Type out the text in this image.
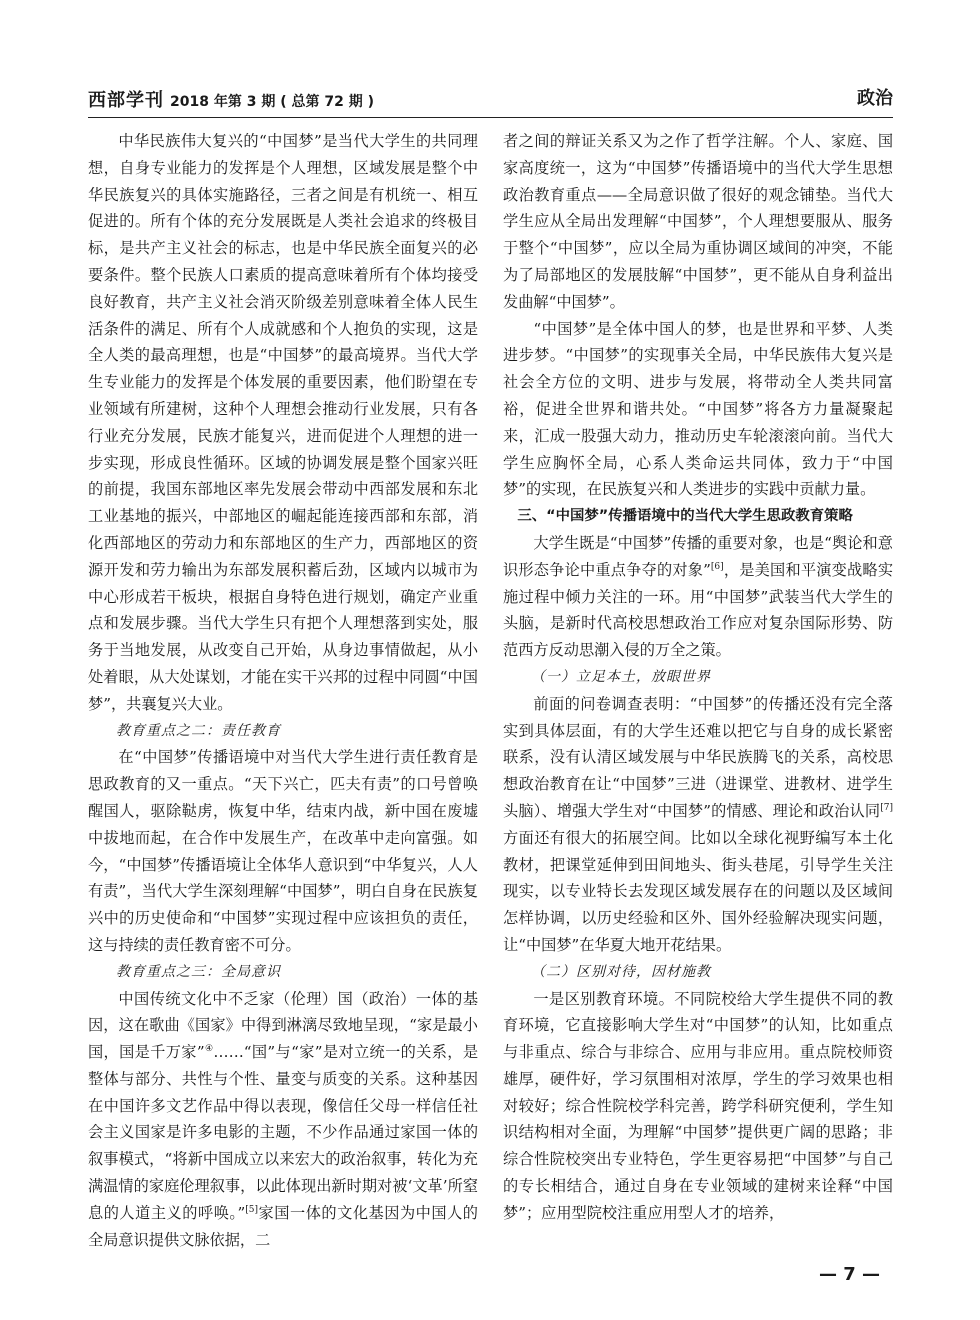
西部学刊 2018 年第 3 期 ( 总第 72 期 )	政治

中华民族伟大复兴的“中国梦”是当代大学生的共同理想，自身专业能力的发挥是个人理想，区域发展是整个中华民族复兴的具体实施路径，三者之间是有机统一、相互促进的。所有个体的充分发展既是人类社会追求的终极目标，是共产主义社会的标志，也是中华民族全面复兴的必要条件。整个民族人口素质的提高意味着所有个体均接受良好教育，共产主义社会消灭阶级差别意味着全体人民生活条件的满足、所有个人成就感和个人抱负的实现，这是全人类的最高理想，也是“中国梦”的最高境界。当代大学生专业能力的发挥是个体发展的重要因素，他们盼望在专业领域有所建树，这种个人理想会推动行业发展，只有各行业充分发展，民族才能复兴，进而促进个人理想的进一步实现，形成良性循环。区域的协调发展是整个国家兴旺的前提，我国东部地区率先发展会带动中西部发展和东北工业基地的振兴，中部地区的崛起能连接西部和东部，消化西部地区的劳动力和东部地区的生产力，西部地区的资源开发和劳力输出为东部发展积蓄后劲，区域内以城市为中心形成若干板块，根据自身特色进行规划，确定产业重点和发展步骤。当代大学生只有把个人理想落到实处，服务于当地发展，从改变自己开始，从身边事情做起，从小处着眼，从大处谋划，才能在实干兴邦的过程中同圆“中国梦”，共襄复兴大业。

教育重点之二：责任教育

在“中国梦”传播语境中对当代大学生进行责任教育是思政教育的又一重点。“天下兴亡，匹夫有责”的口号曾唤醒国人，驱除鞑虏，恢复中华，结束内战，新中国在废墟中拔地而起，在合作中发展生产，在改革中走向富强。如今，“中国梦”传播语境让全体华人意识到“中华复兴，人人有责”，当代大学生深刻理解“中国梦”，明白自身在民族复兴中的历史使命和“中国梦”实现过程中应该担负的责任，这与持续的责任教育密不可分。

教育重点之三：全局意识

中国传统文化中不乏家（伦理）国（政治）一体的基因，这在歌曲《国家》中得到淋漓尽致地呈现，“家是最小国，国是千万家”④……“国”与“家”是对立统一的关系，是整体与部分、共性与个性、量变与质变的关系。这种基因在中国许多文艺作品中得以表现，像信任父母一样信任社会主义国家是许多电影的主题，不少作品通过家国一体的叙事模式，“将新中国成立以来宏大的政治叙事，转化为充满温情的家庭伦理叙事，以此体现出新时期对被‘文革’所窒息的人道主义的呼唤。”[5]家国一体的文化基因为中国人的全局意识提供文脉依据，二

者之间的辩证关系又为之作了哲学注解。个人、家庭、国家高度统一，这为“中国梦”传播语境中的当代大学生思想政治教育重点——全局意识做了很好的观念铺垫。当代大学生应从全局出发理解“中国梦”，个人理想要服从、服务于整个“中国梦”，应以全局为重协调区域间的冲突，不能为了局部地区的发展肢解“中国梦”，更不能从自身利益出发曲解“中国梦”。

“中国梦”是全体中国人的梦，也是世界和平梦、人类进步梦。“中国梦”的实现事关全局，中华民族伟大复兴是社会全方位的文明、进步与发展，将带动全人类共同富裕，促进全世界和谐共处。“中国梦”将各方力量凝聚起来，汇成一股强大动力，推动历史车轮滚滚向前。当代大学生应胸怀全局，心系人类命运共同体，致力于“中国梦”的实现，在民族复兴和人类进步的实践中贡献力量。

三、“中国梦”传播语境中的当代大学生思政教育策略

大学生既是“中国梦”传播的重要对象，也是“舆论和意识形态争论中重点争夺的对象”[6]，是美国和平演变战略实施过程中倾力关注的一环。用“中国梦”武装当代大学生的头脑，是新时代高校思想政治工作应对复杂国际形势、防范西方反动思潮入侵的万全之策。

（一）立足本土，放眼世界

前面的问卷调查表明：“中国梦”的传播还没有完全落实到具体层面，有的大学生还难以把它与自身的成长紧密联系，没有认清区域发展与中华民族腾飞的关系，高校思想政治教育在让“中国梦”三进（进课堂、进教材、进学生头脑）、增强大学生对“中国梦”的情感、理论和政治认同[7]方面还有很大的拓展空间。比如以全球化视野编写本土化教材，把课堂延伸到田间地头、街头巷尾，引导学生关注现实，以专业特长去发现区域发展存在的问题以及区域间怎样协调，以历史经验和区外、国外经验解决现实问题，让“中国梦”在华夏大地开花结果。

（二）区别对待，因材施教

一是区别教育环境。不同院校给大学生提供不同的教育环境，它直接影响大学生对“中国梦”的认知，比如重点与非重点、综合与非综合、应用与非应用。重点院校师资雄厚，硬件好，学习氛围相对浓厚，学生的学习效果也相对较好；综合性院校学科完善，跨学科研究便利，学生知识结构相对全面，为理解“中国梦”提供更广阔的思路；非综合性院校突出专业特色，学生更容易把“中国梦”与自己的专长相结合，通过自身在专业领域的建树来诠释“中国梦”；应用型院校注重应用型人才的培养，

— 7 —
